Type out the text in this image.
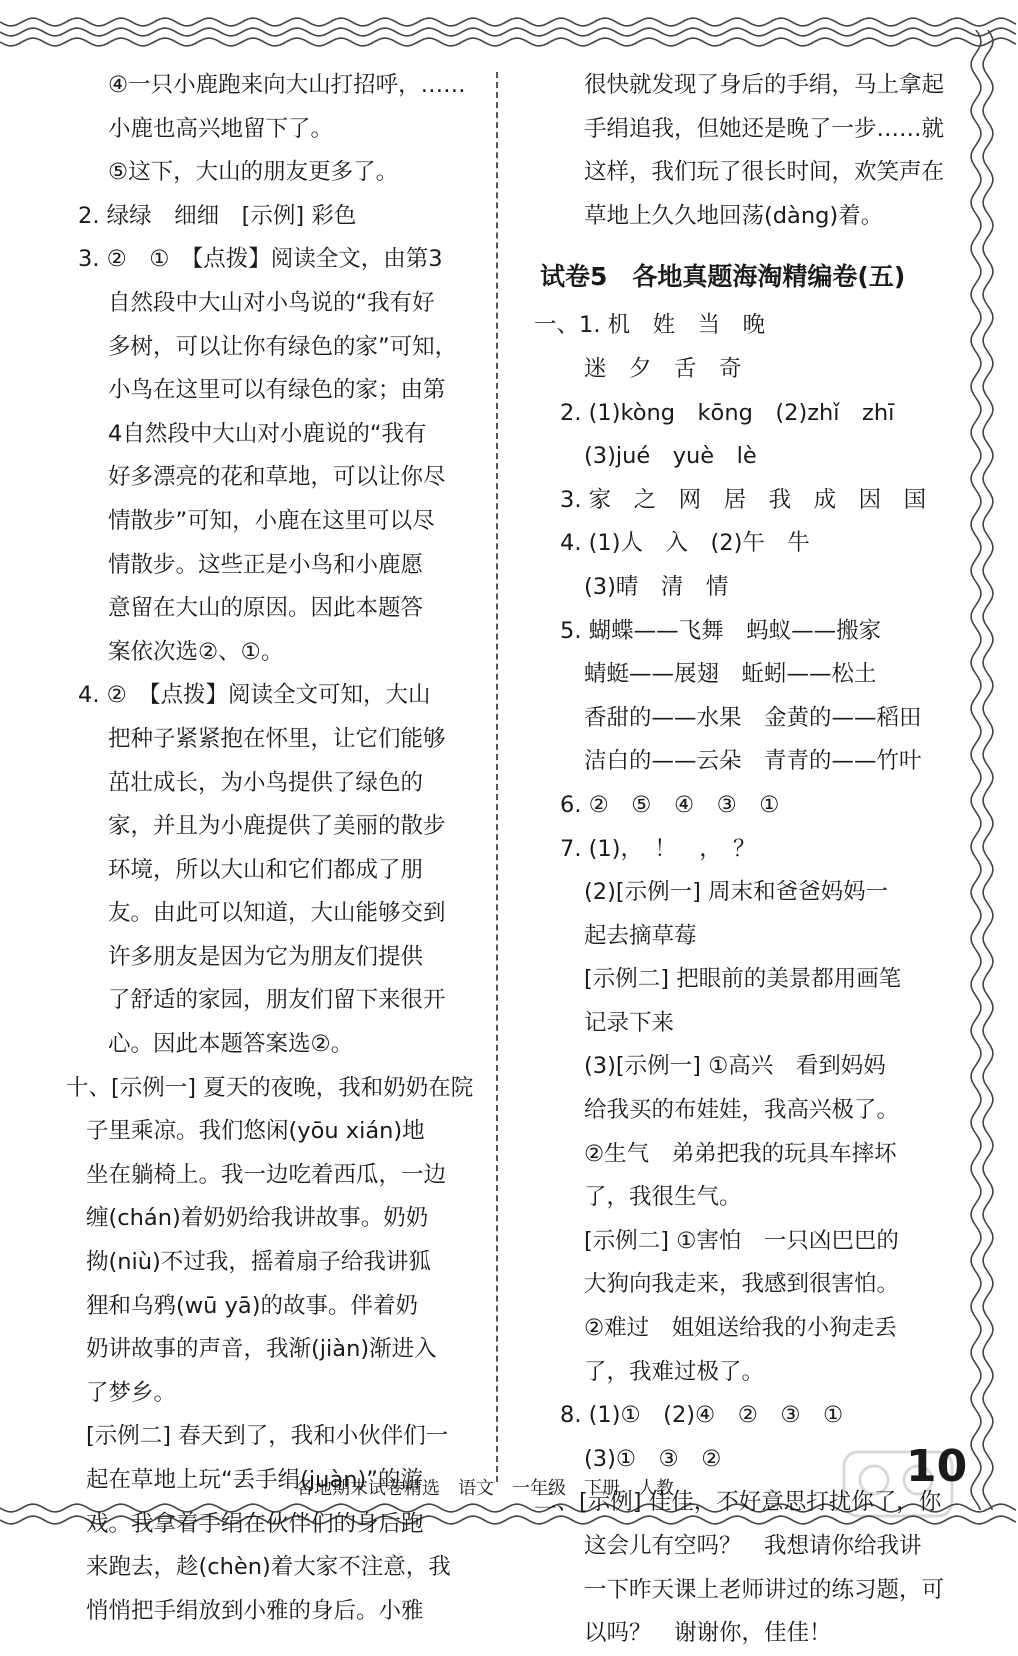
④一只小鹿跑来向大山打招呼，……
小鹿也高兴地留下了。
⑤这下，大山的朋友更多了。
2. 绿绿　细细　[示例] 彩色
3. ②　①　【点拨】阅读全文，由第3
自然段中大山对小鸟说的“我有好
多树，可以让你有绿色的家”可知，
小鸟在这里可以有绿色的家；由第
4自然段中大山对小鹿说的“我有
好多漂亮的花和草地，可以让你尽
情散步”可知，小鹿在这里可以尽
情散步。这些正是小鸟和小鹿愿
意留在大山的原因。因此本题答
案依次选②、①。
4. ②　【点拨】阅读全文可知，大山
把种子紧紧抱在怀里，让它们能够
茁壮成长，为小鸟提供了绿色的
家，并且为小鹿提供了美丽的散步
环境，所以大山和它们都成了朋
友。由此可以知道，大山能够交到
许多朋友是因为它为朋友们提供
了舒适的家园，朋友们留下来很开
心。因此本题答案选②。
十、[示例一] 夏天的夜晚，我和奶奶在院
子里乘凉。我们悠闲(yōu xián)地
坐在躺椅上。我一边吃着西瓜，一边
缠(chán)着奶奶给我讲故事。奶奶
拗(niù)不过我，摇着扇子给我讲狐
狸和乌鸦(wū yā)的故事。伴着奶
奶讲故事的声音，我渐(jiàn)渐进入
了梦乡。
[示例二] 春天到了，我和小伙伴们一
起在草地上玩“丢手绢(juàn)”的游
戏。我拿着手绢在伙伴们的身后跑
来跑去，趁(chèn)着大家不注意，我
悄悄把手绢放到小雅的身后。小雅
很快就发现了身后的手绢，马上拿起
手绢追我，但她还是晚了一步……就
这样，我们玩了很长时间，欢笑声在
草地上久久地回荡(dàng)着。
试卷5　各地真题海淘精编卷(五)
一、1. 机　姓　当　晚
迷　夕　舌　奇
2. (1)kòng　kōng　(2)zhǐ　zhī
(3)jué　yuè　lè
3. 家　之　网　居　我　成　因　国
4. (1)人　入　(2)午　牛
(3)晴　清　情
5. 蝴蝶——飞舞　蚂蚁——搬家
蜻蜓——展翅　蚯蚓——松土
香甜的——水果　金黄的——稻田
洁白的——云朵　青青的——竹叶
6. ②　⑤　④　③　①
7. (1)，　！　，　？
(2)[示例一] 周末和爸爸妈妈一
起去摘草莓
[示例二] 把眼前的美景都用画笔
记录下来
(3)[示例一] ①高兴　看到妈妈
给我买的布娃娃，我高兴极了。
②生气　弟弟把我的玩具车摔坏
了，我很生气。
[示例二] ①害怕　一只凶巴巴的
大狗向我走来，我感到很害怕。
②难过　姐姐送给我的小狗走丢
了，我难过极了。
8. (1)①　(2)④　②　③　①
(3)①　③　②
二、[示例] 佳佳，不好意思打扰你了，你
这会儿有空吗？　我想请你给我讲
一下昨天课上老师讲过的练习题，可
以吗？　谢谢你，佳佳！
各地期末试卷精选　语文　一年级　下册　人教	10
